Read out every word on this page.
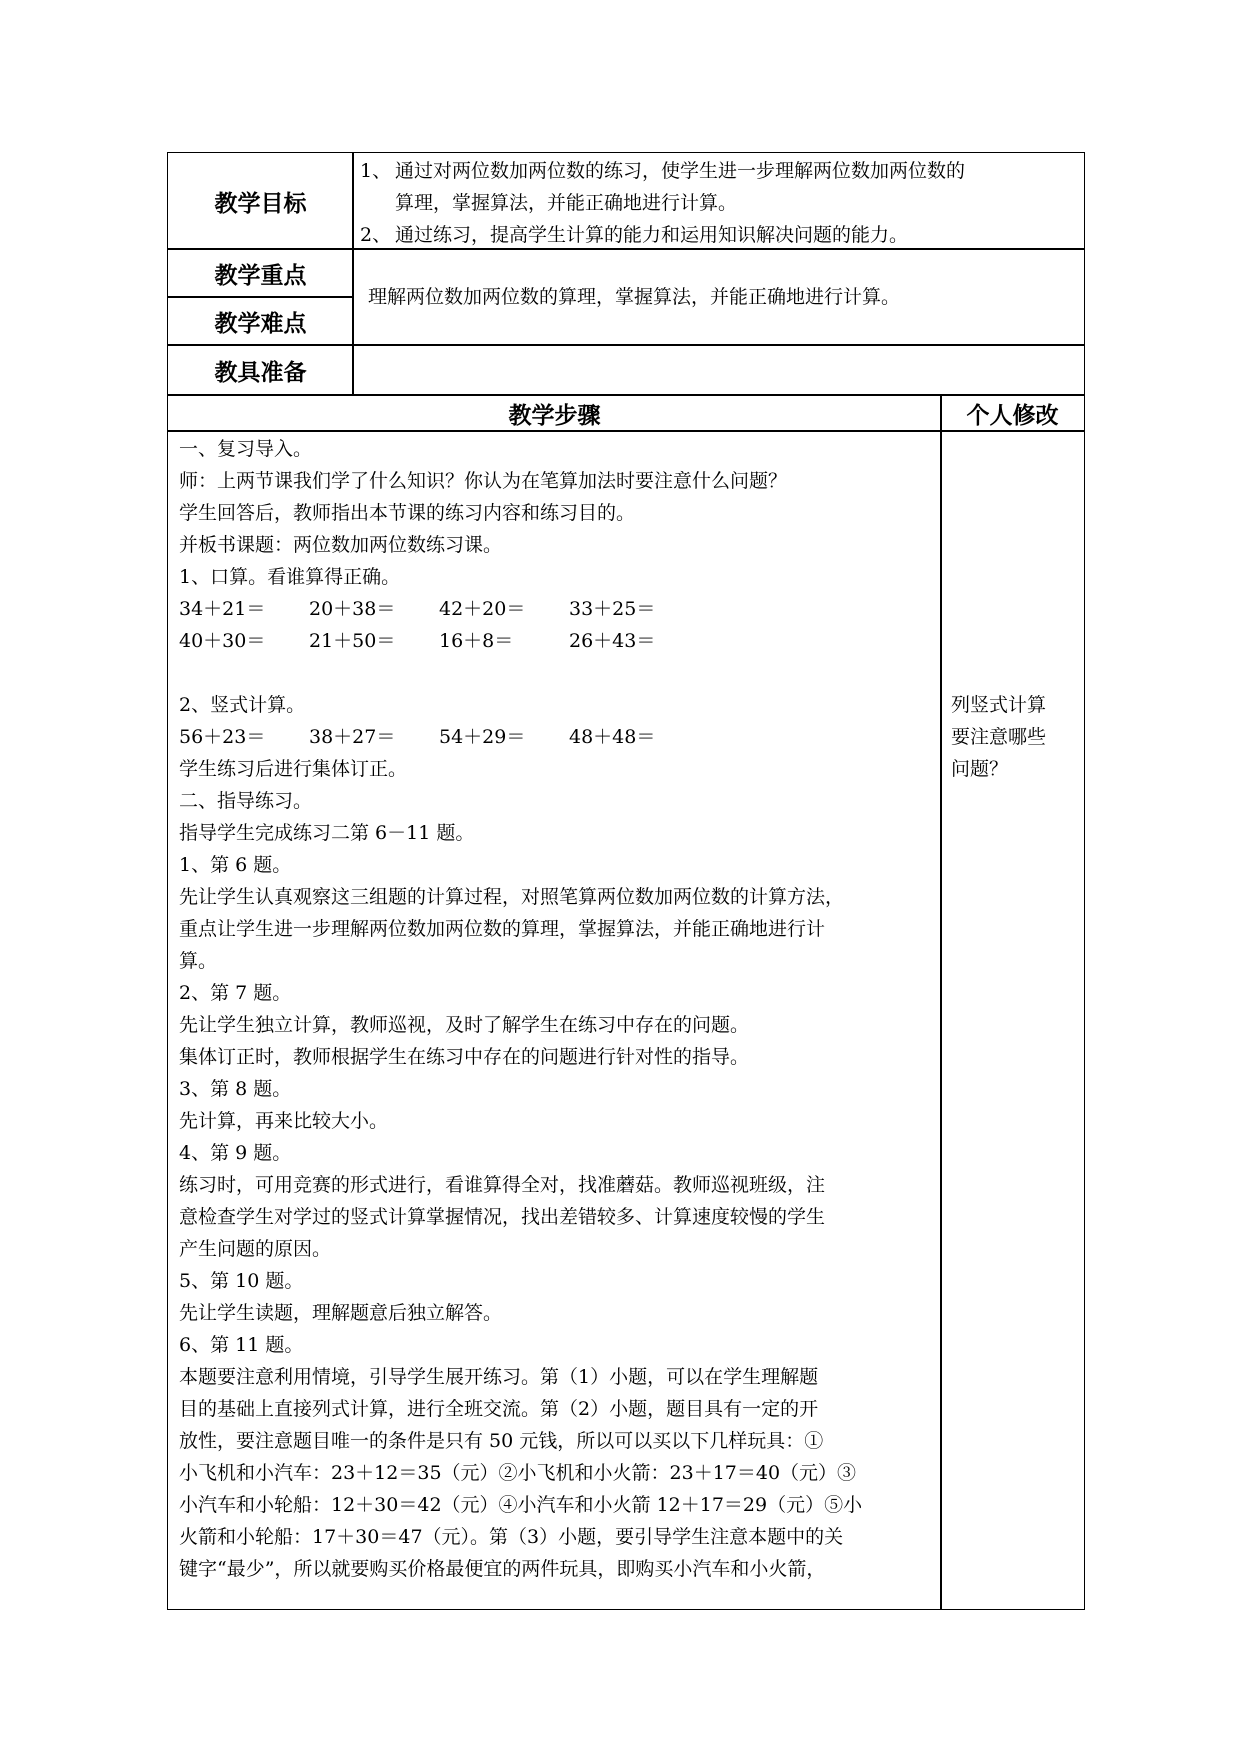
教学目标
1、 通过对两位数加两位数的练习，使学生进一步理解两位数加两位数的
算理，掌握算法，并能正确地进行计算。
2、 通过练习，提高学生计算的能力和运用知识解决问题的能力。
教学重点
教学难点
理解两位数加两位数的算理，掌握算法，并能正确地进行计算。
教具准备
教学步骤	个人修改
一、复习导入。
师：上两节课我们学了什么知识？你认为在笔算加法时要注意什么问题？
学生回答后，教师指出本节课的练习内容和练习目的。
并板书课题：两位数加两位数练习课。
1、口算。看谁算得正确。
34＋21＝ 20＋38＝ 42＋20＝ 33＋25＝
40＋30＝ 21＋50＝ 16＋8＝	26＋43＝
2、竖式计算。
56＋23＝ 38＋27＝ 54＋29＝ 48＋48＝
学生练习后进行集体订正。
二、指导练习。
指导学生完成练习二第 6－11 题。
1、第 6 题。
先让学生认真观察这三组题的计算过程，对照笔算两位数加两位数的计算方法，
重点让学生进一步理解两位数加两位数的算理，掌握算法，并能正确地进行计
算。
2、第 7 题。
先让学生独立计算，教师巡视，及时了解学生在练习中存在的问题。
集体订正时，教师根据学生在练习中存在的问题进行针对性的指导。
3、第 8 题。
先计算，再来比较大小。
4、第 9 题。
练习时，可用竞赛的形式进行，看谁算得全对，找准蘑菇。教师巡视班级，注
意检查学生对学过的竖式计算掌握情况，找出差错较多、计算速度较慢的学生
产生问题的原因。
5、第 10 题。
先让学生读题，理解题意后独立解答。
6、第 11 题。
本题要注意利用情境，引导学生展开练习。第（1）小题，可以在学生理解题
目的基础上直接列式计算，进行全班交流。第（2）小题，题目具有一定的开
放性，要注意题目唯一的条件是只有 50 元钱，所以可以买以下几样玩具：①
小飞机和小汽车：23＋12＝35（元）②小飞机和小火箭：23＋17＝40（元）③
小汽车和小轮船：12＋30＝42（元）④小汽车和小火箭 12＋17＝29（元）⑤小
火箭和小轮船：17＋30＝47（元）。第（3）小题，要引导学生注意本题中的关
键字“最少”，所以就要购买价格最便宜的两件玩具，即购买小汽车和小火箭，
列竖式计算
要注意哪些
问题？
